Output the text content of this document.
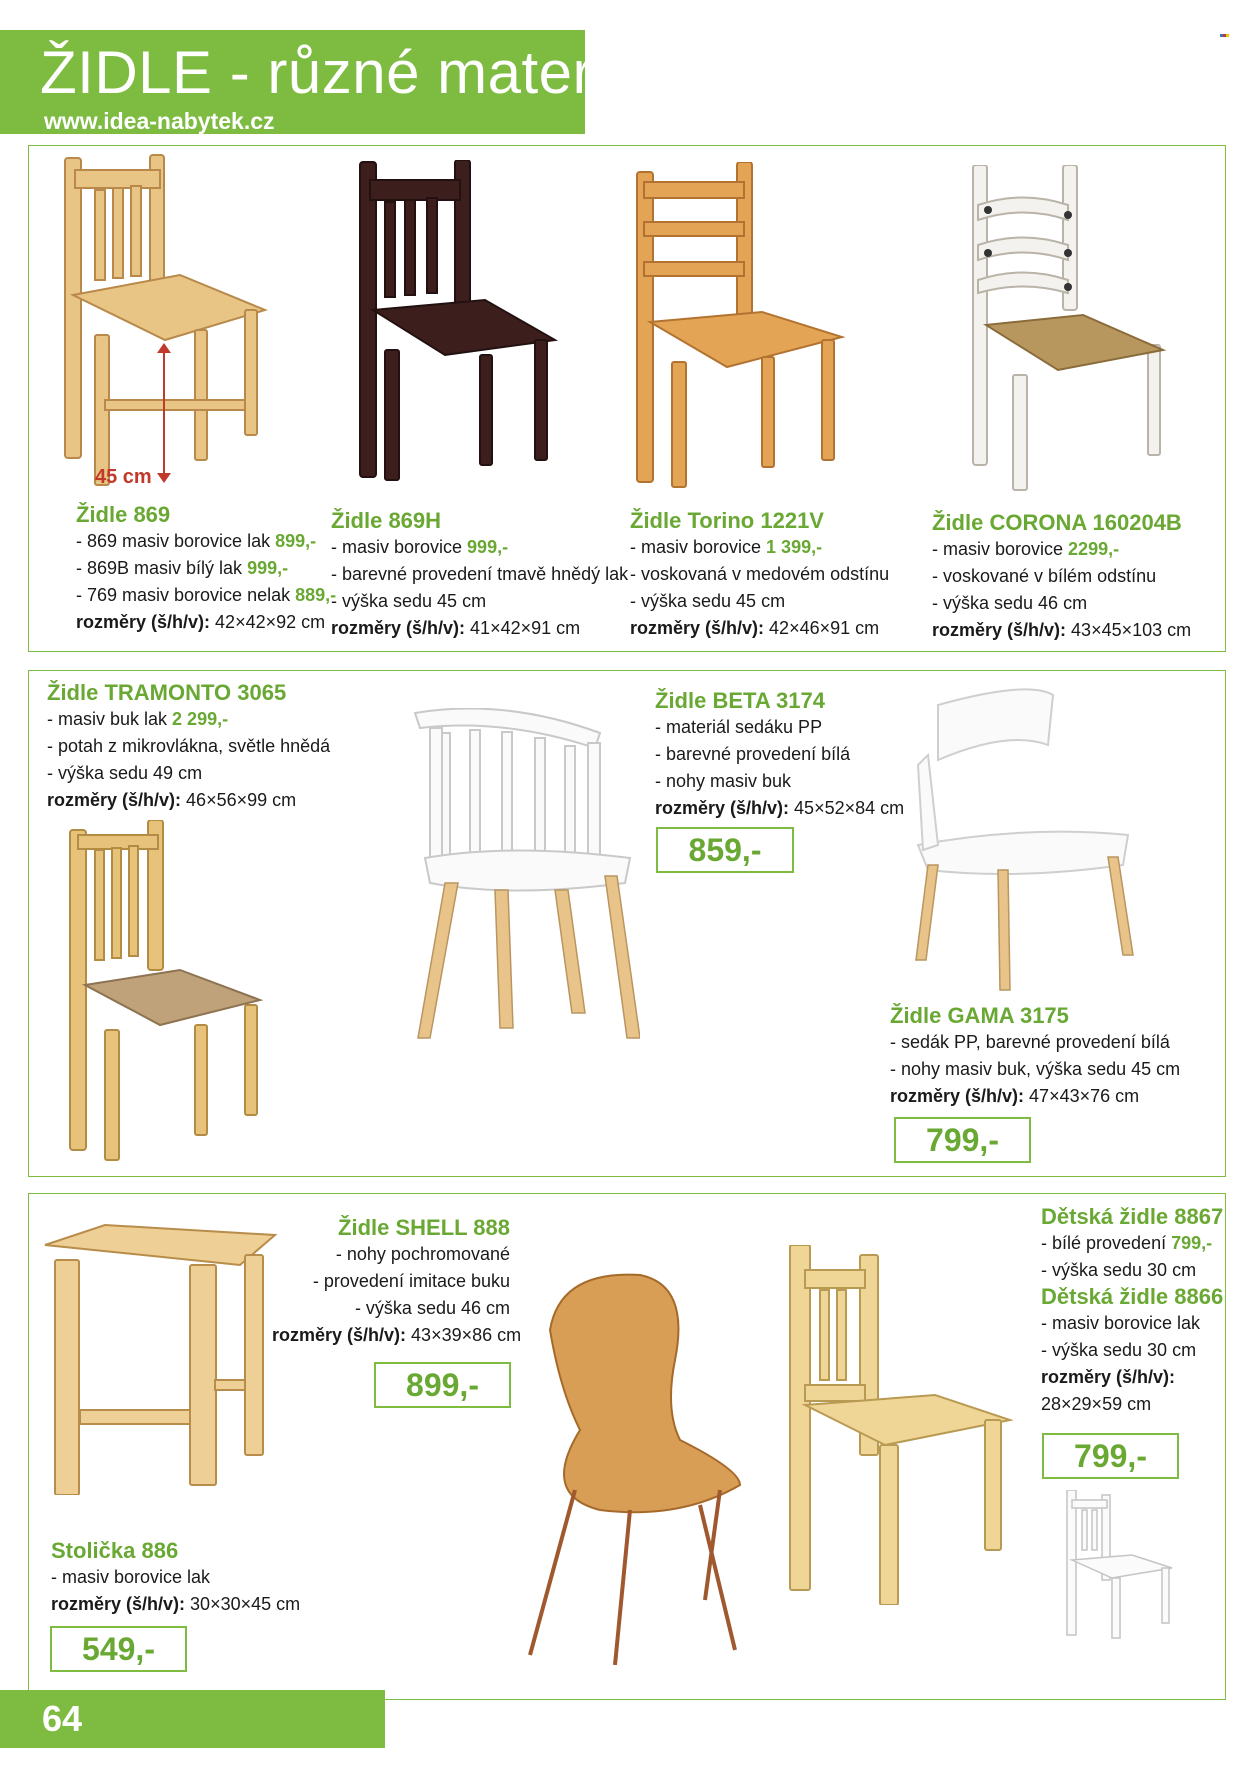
ŽIDLE - různé materiály
www.idea-nabytek.cz
45 cm
Židle 869
- 869 masiv borovice lak 899,-
- 869B masiv bílý lak 999,-
- 769 masiv borovice nelak 889,-
rozměry (š/h/v): 42×42×92 cm
Židle 869H
- masiv borovice 999,-
- barevné provedení tmavě hnědý lak
- výška sedu 45 cm
rozměry (š/h/v): 41×42×91 cm
Židle Torino 1221V
- masiv borovice 1 399,-
- voskovaná v medovém odstínu
- výška sedu 45 cm
rozměry (š/h/v): 42×46×91 cm
Židle CORONA 160204B
- masiv borovice 2299,-
- voskované v bílém odstínu
- výška sedu 46 cm
rozměry (š/h/v): 43×45×103 cm
Židle TRAMONTO 3065
- masiv buk lak 2 299,-
- potah z mikrovlákna, světle hnědá
- výška sedu 49 cm
rozměry (š/h/v): 46×56×99 cm
Židle BETA 3174
- materiál sedáku PP
- barevné provedení bílá
- nohy masiv buk
rozměry (š/h/v): 45×52×84 cm
859,-
Židle GAMA 3175
- sedák PP, barevné provedení bílá
- nohy masiv buk, výška sedu 45 cm
rozměry (š/h/v): 47×43×76 cm
799,-
Židle SHELL 888
- nohy pochromované
- provedení imitace buku
- výška sedu 46 cm
rozměry (š/h/v): 43×39×86 cm
899,-
Dětská židle 8867
- bílé provedení 799,-
- výška sedu 30 cm
Dětská židle 8866
- masiv borovice lak
- výška sedu 30 cm
rozměry (š/h/v):
28×29×59 cm
799,-
Stolička 886
- masiv borovice lak
rozměry (š/h/v): 30×30×45 cm
549,-
64
